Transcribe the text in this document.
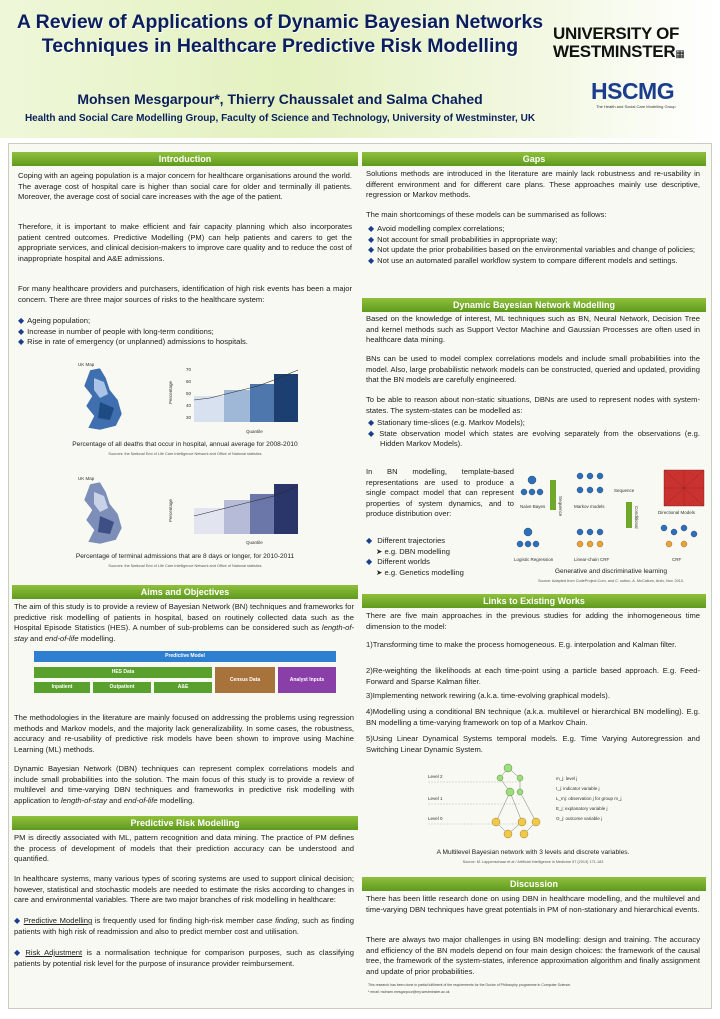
A Review of Applications of Dynamic Bayesian Networks Techniques in Healthcare Predictive Risk Modelling
Mohsen Mesgarpour*, Thierry Chaussalet and Salma Chahed
Health and Social Care Modelling Group, Faculty of Science and Technology, University of Westminster, UK
UNIVERSITY OF
WESTMINSTER▦
HSCMG
The Health and Social Care Modelling Group
Introduction
Coping with an ageing population is a major concern for healthcare organisations around the world. The average cost of hospital care is higher than social care for older and terminally ill patients. Moreover, the average cost of social care increases with the age of the patient.
Therefore, it is important to make efficient and fair capacity planning which also incorporates patient centred outcomes. Predictive Modelling (PM) can help patients and carers to get the appropriate services, and clinical decision-makers to improve care quality and to reduce the cost of inappropriate hospital and A&E admissions.
For many healthcare providers and purchasers, identification of high risk events has been a major concern. There are three major sources of risks to the healthcare system:
◆ Ageing population;
◆ Increase in number of people with long-term conditions;
◆ Rise in rate of emergency (or unplanned) admissions to hospitals.
UK Map
Percentage
70
60
50
40
30
Quantile
Percentage of all deaths that occur in hospital, annual average for 2008-2010
Sources: the National End of Life Care Intelligence Network and Office of National statistics
UK Map
Percentage
Quantile
Percentage of terminal admissions that are 8 days or longer, for 2010-2011
Sources: the National End of Life Care Intelligence Network and Office of National statistics
Aims and Objectives
The aim of this study is to provide a review of Bayesian Network (BN) techniques and frameworks for predictive risk modelling of patients in hospital, based on routinely collected data such as the Hospital Episode Statistics (HES). A number of sub-problems can be considered such as length-of-stay and end-of-life modelling.
Predictive Model
HES Data
Census Data	Analyst Inputs
Inpatient	Outpatient	A&E
The methodologies in the literature are mainly focused on addressing the problems using regression methods and Markov models, and the majority lack generalizability. In some cases, the robustness, accuracy and re-usability of predictive risk models have been shown to improve using Machine Learning (ML) methods.
Dynamic Bayesian Network (DBN) techniques can represent complex correlations models and include small probabilities into the solution. The main focus of this study is to provide a review of multilevel and time-varying DBN techniques and frameworks in predictive risk modelling with application to length-of-stay and end-of-life modelling.
Predictive Risk Modelling
PM is directly associated with ML, pattern recognition and data mining. The practice of PM defines the process of development of models that their prediction accuracy can be understood and quantified.
In healthcare systems, many various types of scoring systems are used to support clinical decision; however, statistical and stochastic models are needed to estimate the risks according to changes in care and environmental variables. There are two major branches of risk modelling in healthcare:
◆ Predictive Modelling is frequently used for finding high-risk member case finding, such as finding patients with high risk of readmission and also to predict member cost and utilisation.
◆ Risk Adjustment is a normalisation technique for comparison purposes, such as classifying patients by potential risk level for the purpose of insurance provider reimbursement.
Gaps
Solutions methods are introduced in the literature are mainly lack robustness and re-usability in different environment and for different care plans. These approaches mainly use descriptive, regression or Markov methods.
The main shortcomings of these models can be summarised as follows:
◆ Avoid modelling complex correlations;
◆ Not account for small probabilities in appropriate way;
◆ Not update the prior probabilities based on the environmental variables and change of policies;
◆ Not use an automated parallel workflow system to compare different models and settings.
Dynamic Bayesian Network Modelling
Based on the knowledge of interest, ML techniques such as BN, Neural Network, Decision Tree and kernel methods such as Support Vector Machine and Gaussian Processes are often used in healthcare data mining.
BNs can be used to model complex correlations models and include small probabilities into the model. Also, large probabilistic network models can be constructed, queried and updated, providing that the BN models are carefully engineered.
To be able to reason about non-static situations, DBNs are used to represent nodes with system-states. The system-states can be modelled as:
◆ Stationary time-slices (e.g. Markov Models);
◆ State observation model which states are evolving separately from the observations (e.g. Hidden Markov Models).
In BN modelling, template-based representations are used to produce a single compact model that can represent properties of system dynamics, and to produce distribution over:
◆ Different trajectories
➤ e.g. DBN modelling
◆ Different worlds
➤ e.g. Genetics modelling
Naive Bayes	Markov models
Directional Models
Logistic Regression	Linear-chain CRF	CRF
Sequence	Conditional
Sequence
Generative and discriminative learning
Source: Adapted from CodeProject.Com, and C. sutton, A. McCallum, Arxiv, Nov. 2010.
Links to Existing Works
There are five main approaches in the previous studies for adding the inhomogeneous time dimension to the model:
1)Transforming time to make the process homogeneous. E.g. interpolation and Kalman filter.
2)Re-weighting the likelihoods at each time-point using a particle based approach. E.g. Feed-Forward and Sparse Kalman filter.
3)Implementing network rewiring (a.k.a. time-evolving graphical models).
4)Modelling using a conditional BN technique (a.k.a. multilevel or hierarchical BN modelling). E.g. BN modelling a time-varying framework on top of a Markov Chain.
5)Using Linear Dynamical Systems temporal models. E.g. Time Varying Autoregression and Switching Linear Dynamic System.
Level 2
Level 1
Level 0
m_j: level j
I_j: indicator variable j
L_mj: observation j for group m_j
E_j: explanatory variable j
O_j: outcome variable j
A Multilevel Bayesian network with 3 levels and discrete variables.
Source: M. Lappenschaar et al / Artificial Intelligence in Medicine 57 (2013) 171-183
Discussion
There has been little research done on using DBN in healthcare modelling, and the multilevel and time-varying DBN techniques have great potentials in PM of non-stationary and hierarchical events.
There are always two major challenges in using BN modelling: design and training. The accuracy and efficiency of the BN models depend on four main design choices: the framework of the causal tree, the framework of the system-states, inference approximation algorithm and finally assignment and update of prior probabilities.
This research has been done in partial fulfilment of the requirements for the Doctor of Philosophy programme in Computer Science.
* email: mohsen.mesgarpour@my.westminster.ac.uk
